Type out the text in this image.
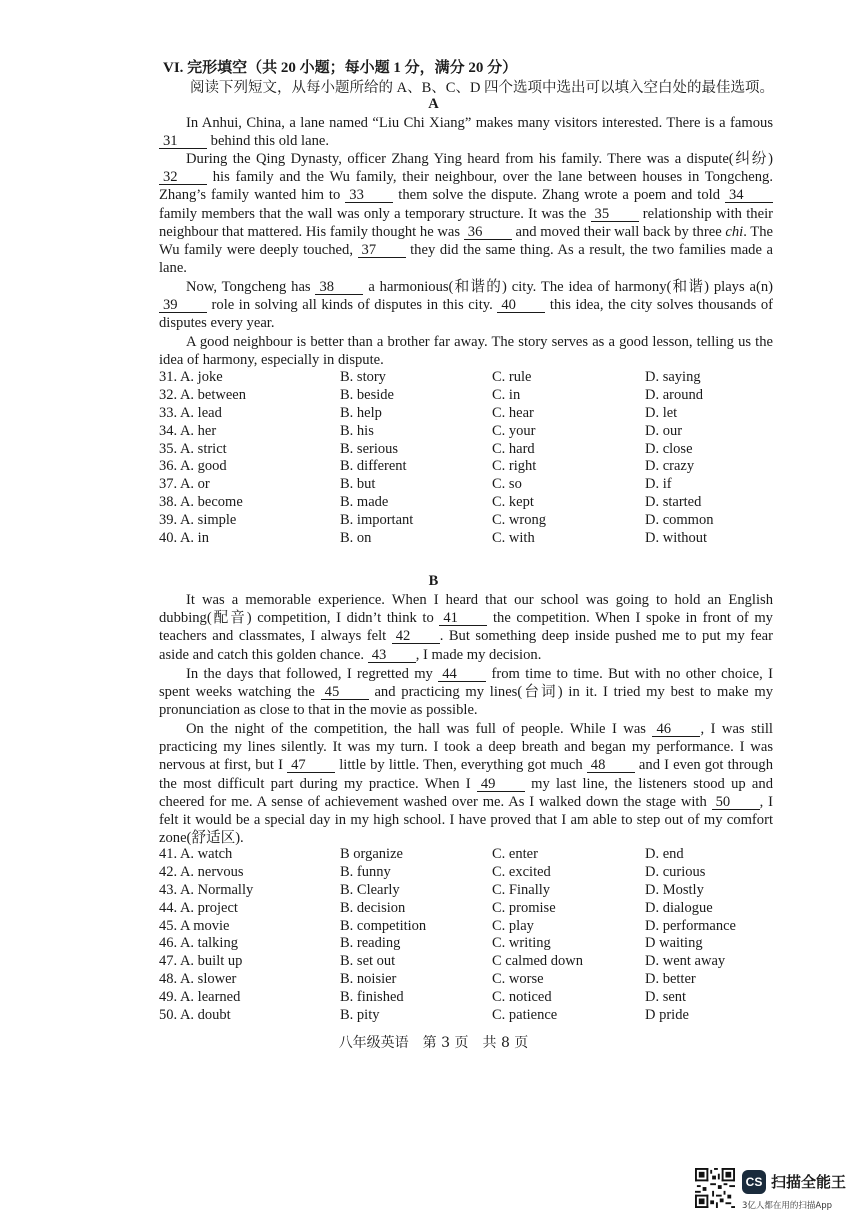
VI. 完形填空（共 20 小题；每小题 1 分，满分 20 分）
阅读下列短文，从每小题所给的 A、B、C、D 四个选项中选出可以填入空白处的最佳选项。
A

In Anhui, China, a lane named “Liu Chi Xiang” makes many visitors interested. There is a famous 31 behind this old lane.

During the Qing Dynasty, officer Zhang Ying heard from his family. There was a dispute(纠纷) 32 his family and the Wu family, their neighbour, over the lane between houses in Tongcheng. Zhang’s family wanted him to 33 them solve the dispute. Zhang wrote a poem and told 34 family members that the wall was only a temporary structure. It was the 35 relationship with their neighbour that mattered. His family thought he was 36 and moved their wall back by three chi. The Wu family were deeply touched, 37 they did the same thing. As a result, the two families made a lane.

Now, Tongcheng has 38 a harmonious(和谐的) city. The idea of harmony(和谐) plays a(n) 39 role in solving all kinds of disputes in this city. 40 this idea, the city solves thousands of disputes every year.

A good neighbour is better than a brother far away. The story serves as a good lesson, telling us the idea of harmony, especially in dispute.

31. A. joke	B. story	C. rule	D. saying
32. A. between	B. beside	C. in	D. around
33. A. lead	B. help	C. hear	D. let
34. A. her	B. his	C. your	D. our
35. A. strict	B. serious	C. hard	D. close
36. A. good	B. different	C. right	D. crazy
37. A. or	B. but	C. so	D. if
38. A. become	B. made	C. kept	D. started
39. A. simple	B. important	C. wrong	D. common
40. A. in	B. on	C. with	D. without
B

It was a memorable experience. When I heard that our school was going to hold an English dubbing(配音) competition, I didn’t think to 41 the competition. When I spoke in front of my teachers and classmates, I always felt 42 . But something deep inside pushed me to put my fear aside and catch this golden chance. 43 , I made my decision.

In the days that followed, I regretted my 44 from time to time. But with no other choice, I spent weeks watching the 45 and practicing my lines(台词) in it. I tried my best to make my pronunciation as close to that in the movie as possible.

On the night of the competition, the hall was full of people. While I was 46 , I was still practicing my lines silently. It was my turn. I took a deep breath and began my performance. I was nervous at first, but I 47 little by little. Then, everything got much 48 and I even got through the most difficult part during my practice. When I 49 my last line, the listeners stood up and cheered for me. A sense of achievement washed over me. As I walked down the stage with 50 , I felt it would be a special day in my high school. I have proved that I am able to step out of my comfort zone(舒适区).

41. A. watch	B organize	C. enter	D. end
42. A. nervous	B. funny	C. excited	D. curious
43. A. Normally	B. Clearly	C. Finally	D. Mostly
44. A. project	B. decision	C. promise	D. dialogue
45. A movie	B. competition	C. play	D. performance
46. A. talking	B. reading	C. writing	D waiting
47. A. built up	B. set out	C calmed down	D. went away
48. A. slower	B. noisier	C. worse	D. better
49. A. learned	B. finished	C. noticed	D. sent
50. A. doubt	B. pity	C. patience	D pride
八年级英语　第 3 页　共 8 页
CS 扫描全能王
3亿人都在用的扫描App
